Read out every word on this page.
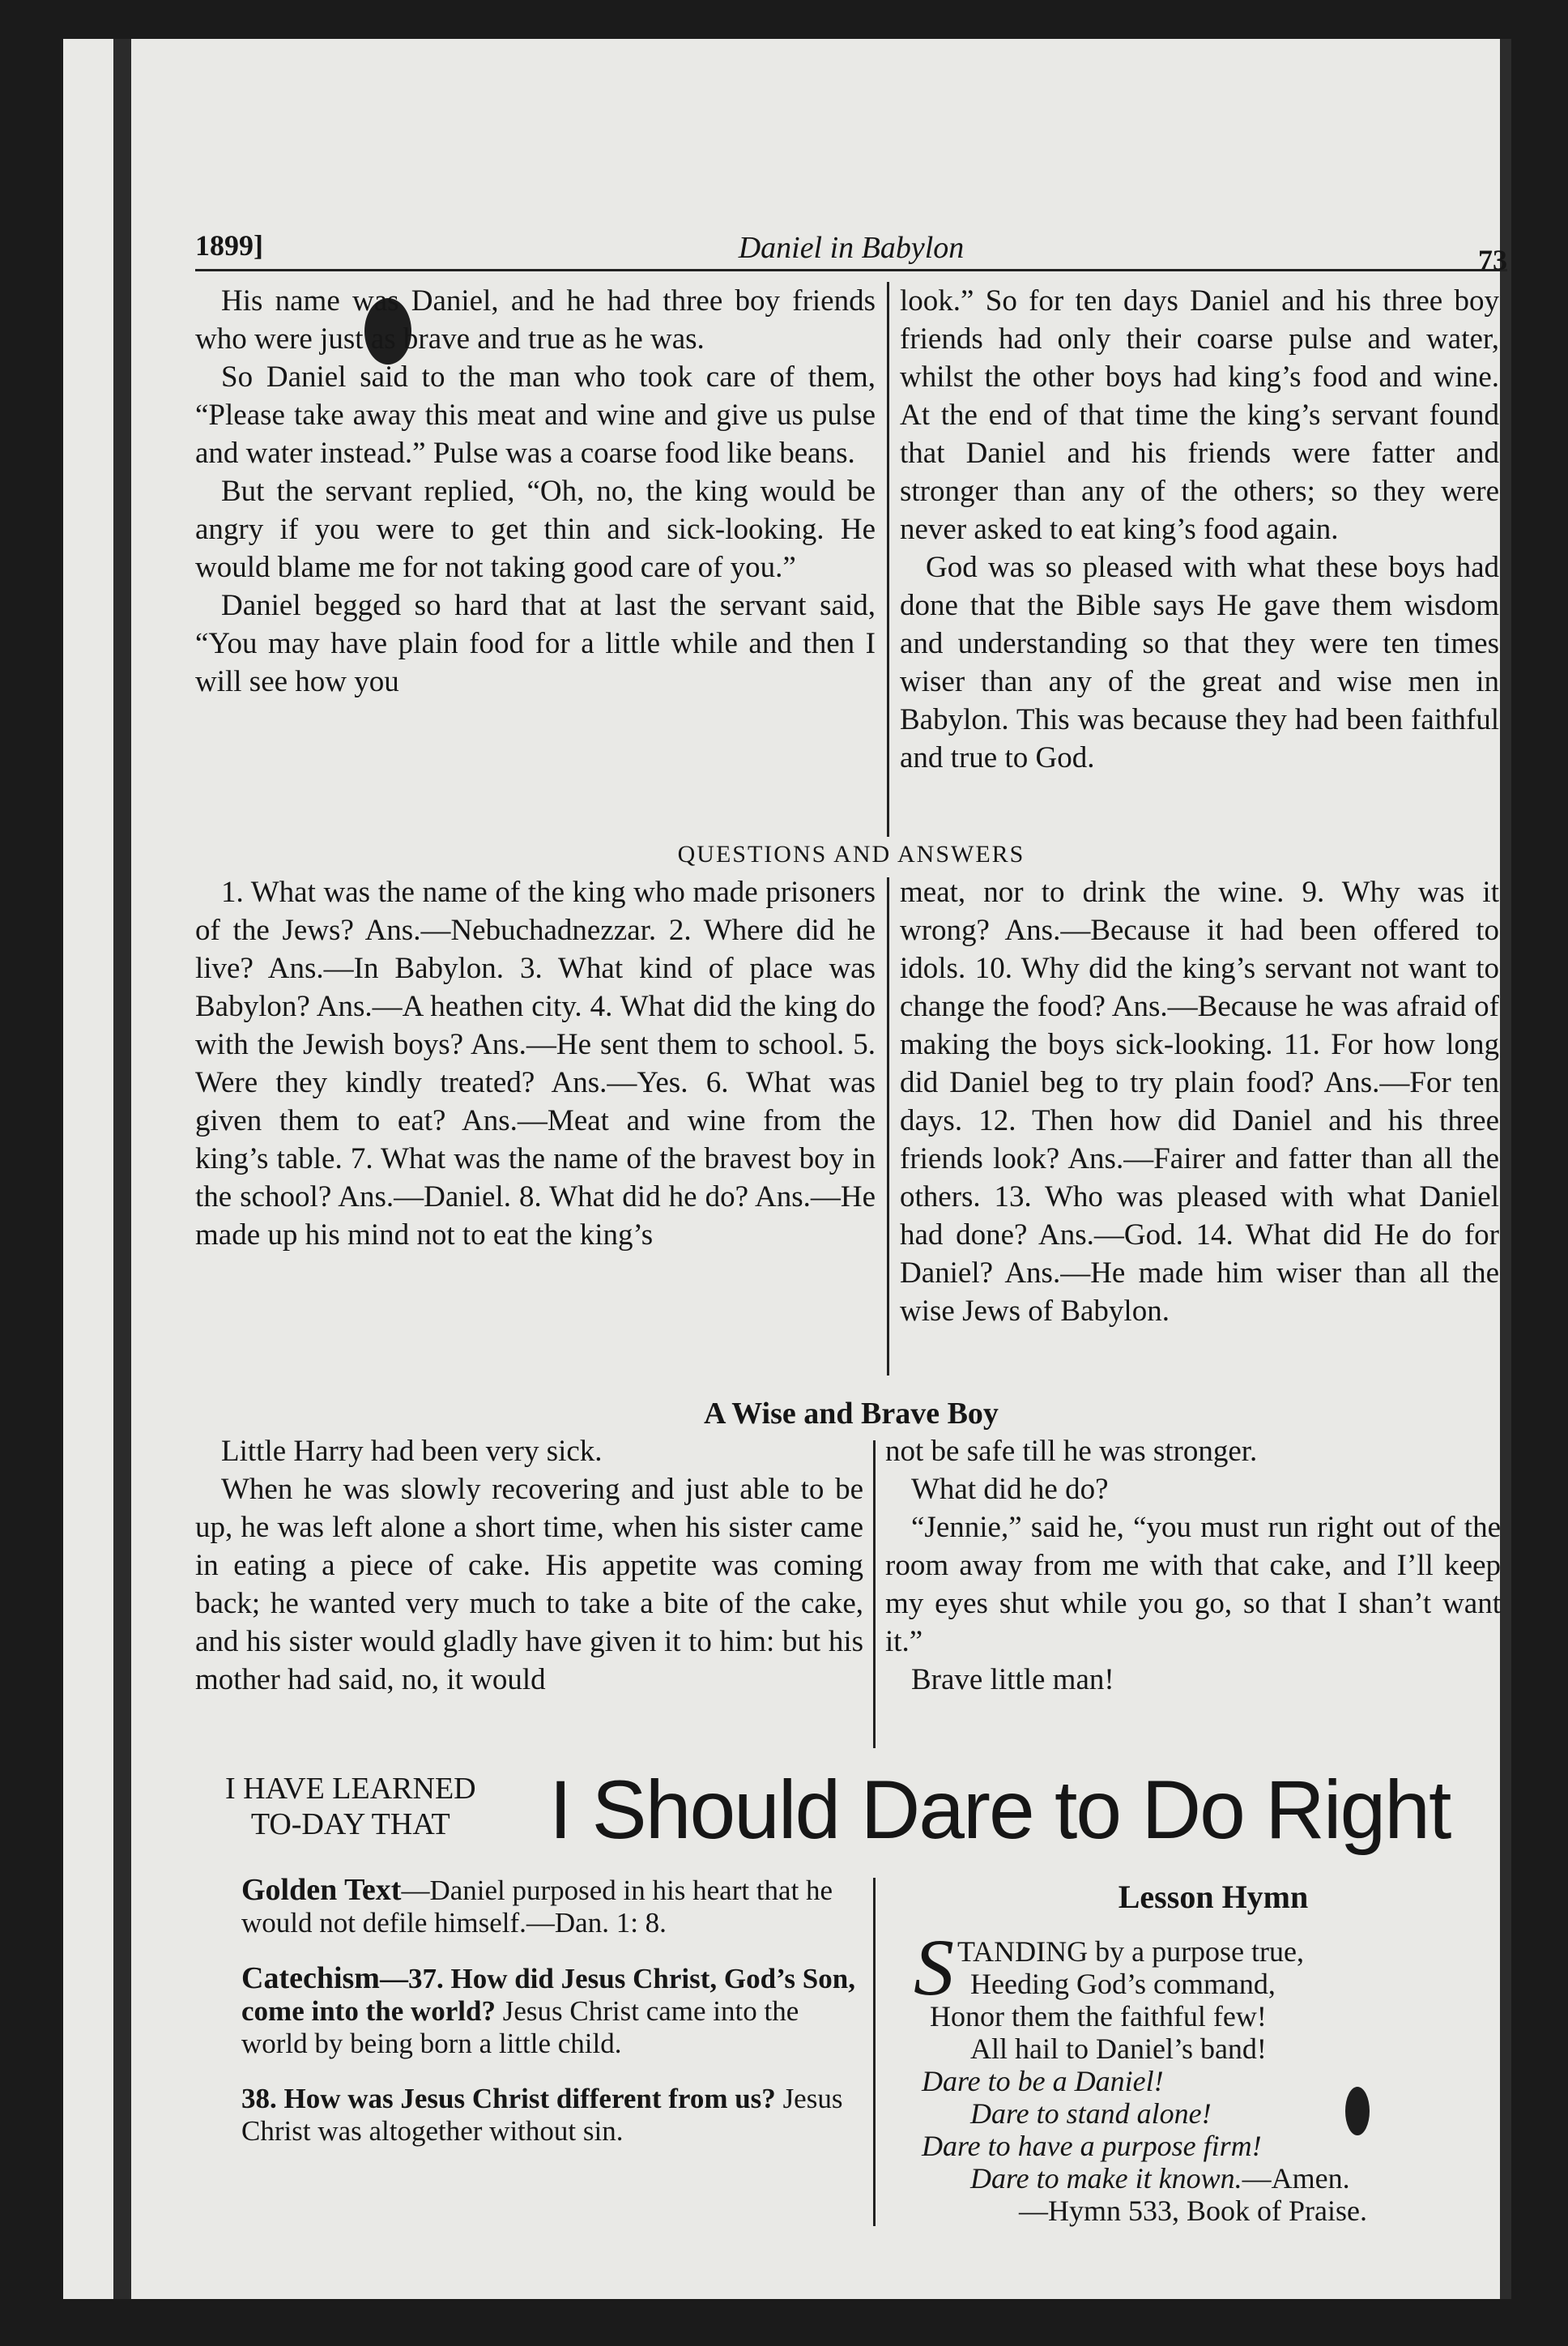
1899]	Daniel in Babylon	73

His name was Daniel, and he had three boy friends who were just as brave and true as he was.

So Daniel said to the man who took care of them, “Please take away this meat and wine and give us pulse and water instead.” Pulse was a coarse food like beans.

But the servant replied, “Oh, no, the king would be angry if you were to get thin and sick-looking. He would blame me for not taking good care of you.”

Daniel begged so hard that at last the servant said, “You may have plain food for a little while and then I will see how you

look.” So for ten days Daniel and his three boy friends had only their coarse pulse and water, whilst the other boys had king’s food and wine. At the end of that time the king’s servant found that Daniel and his friends were fatter and stronger than any of the others; so they were never asked to eat king’s food again.

God was so pleased with what these boys had done that the Bible says He gave them wisdom and understanding so that they were ten times wiser than any of the great and wise men in Babylon. This was because they had been faithful and true to God.

QUESTIONS AND ANSWERS

1. What was the name of the king who made prisoners of the Jews? Ans.—Nebuchadnezzar. 2. Where did he live? Ans.—In Babylon. 3. What kind of place was Babylon? Ans.—A heathen city. 4. What did the king do with the Jewish boys? Ans.—He sent them to school. 5. Were they kindly treated? Ans.—Yes. 6. What was given them to eat? Ans.—Meat and wine from the king’s table. 7. What was the name of the bravest boy in the school? Ans.—Daniel. 8. What did he do? Ans.—He made up his mind not to eat the king’s

meat, nor to drink the wine. 9. Why was it wrong? Ans.—Because it had been offered to idols. 10. Why did the king’s servant not want to change the food? Ans.—Because he was afraid of making the boys sick-looking. 11. For how long did Daniel beg to try plain food? Ans.—For ten days. 12. Then how did Daniel and his three friends look? Ans.—Fairer and fatter than all the others. 13. Who was pleased with what Daniel had done? Ans.—God. 14. What did He do for Daniel? Ans.—He made him wiser than all the wise Jews of Babylon.

A Wise and Brave Boy

Little Harry had been very sick.

When he was slowly recovering and just able to be up, he was left alone a short time, when his sister came in eating a piece of cake. His appetite was coming back; he wanted very much to take a bite of the cake, and his sister would gladly have given it to him: but his mother had said, no, it would

not be safe till he was stronger.

What did he do?

“Jennie,” said he, “you must run right out of the room away from me with that cake, and I’ll keep my eyes shut while you go, so that I shan’t want it.”

Brave little man!

I HAVE LEARNED
TO-DAY THAT	I Should Dare to Do Right

Golden Text—Daniel purposed in his heart that he would not defile himself.—Dan. 1: 8.

Catechism—37. How did Jesus Christ, God’s Son, come into the world? Jesus Christ came into the world by being born a little child.

38. How was Jesus Christ different from us? Jesus Christ was altogether without sin.

Lesson Hymn
S TANDING by a purpose true,
Heeding God’s command,
Honor them the faithful few!
All hail to Daniel’s band!
Dare to be a Daniel!
Dare to stand alone!
Dare to have a purpose firm!
Dare to make it known.—Amen.
—Hymn 533, Book of Praise.
